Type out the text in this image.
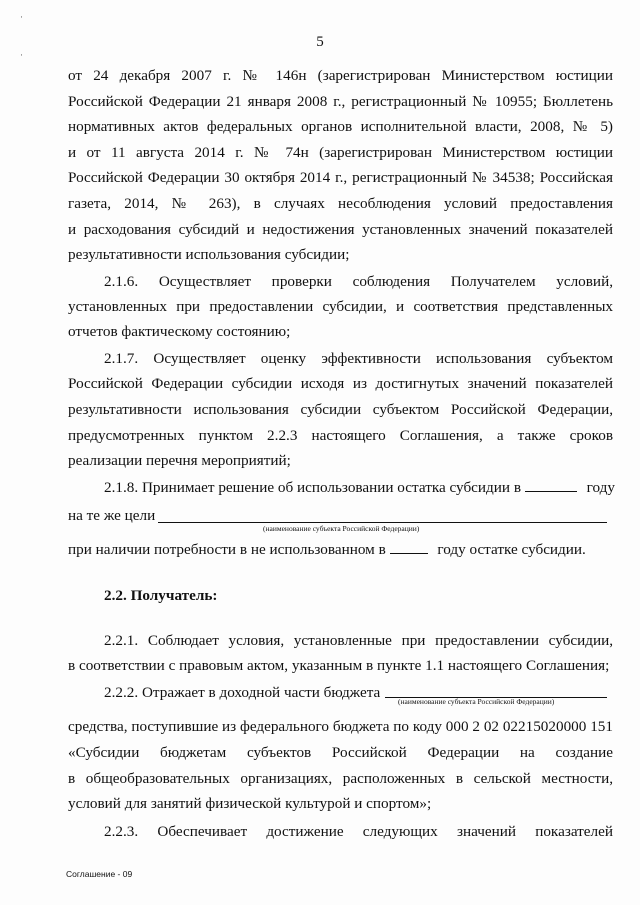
·
·
5
от 24 декабря 2007 г. № 146н (зарегистрирован Министерством юстиции
Российской Федерации 21 января 2008 г., регистрационный № 10955; Бюллетень
нормативных актов федеральных органов исполнительной власти, 2008, № 5)
и от 11 августа 2014 г. № 74н (зарегистрирован Министерством юстиции
Российской Федерации 30 октября 2014 г., регистрационный № 34538; Российская
газета, 2014, № 263), в случаях несоблюдения условий предоставления
и расходования субсидий и недостижения установленных значений показателей
результативности использования субсидии;
2.1.6. Осуществляет проверки соблюдения Получателем условий,
установленных при предоставлении субсидии, и соответствия представленных
отчетов фактическому состоянию;
2.1.7. Осуществляет оценку эффективности использования субъектом
Российской Федерации субсидии исходя из достигнутых значений показателей
результативности использования субсидии субъектом Российской Федерации,
предусмотренных пунктом 2.2.3 настоящего Соглашения, а также сроков
реализации перечня мероприятий;
2.1.8. Принимает решение об использовании остатка субсидии в	году
на те же цели
(наименование субъекта Российской Федерации)
при наличии потребности в не использованном в	году остатке субсидии.
2.2. Получатель:
2.2.1. Соблюдает условия, установленные при предоставлении субсидии,
в соответствии с правовым актом, указанным в пункте 1.1 настоящего Соглашения;
2.2.2. Отражает в доходной части бюджета
(наименование субъекта Российской Федерации)
средства, поступившие из федерального бюджета по коду 000 2 02 02215020000 151
«Субсидии бюджетам субъектов Российской Федерации на создание
в общеобразовательных организациях, расположенных в сельской местности,
условий для занятий физической культурой и спортом»;
2.2.3. Обеспечивает достижение следующих значений показателей
Соглашение - 09
